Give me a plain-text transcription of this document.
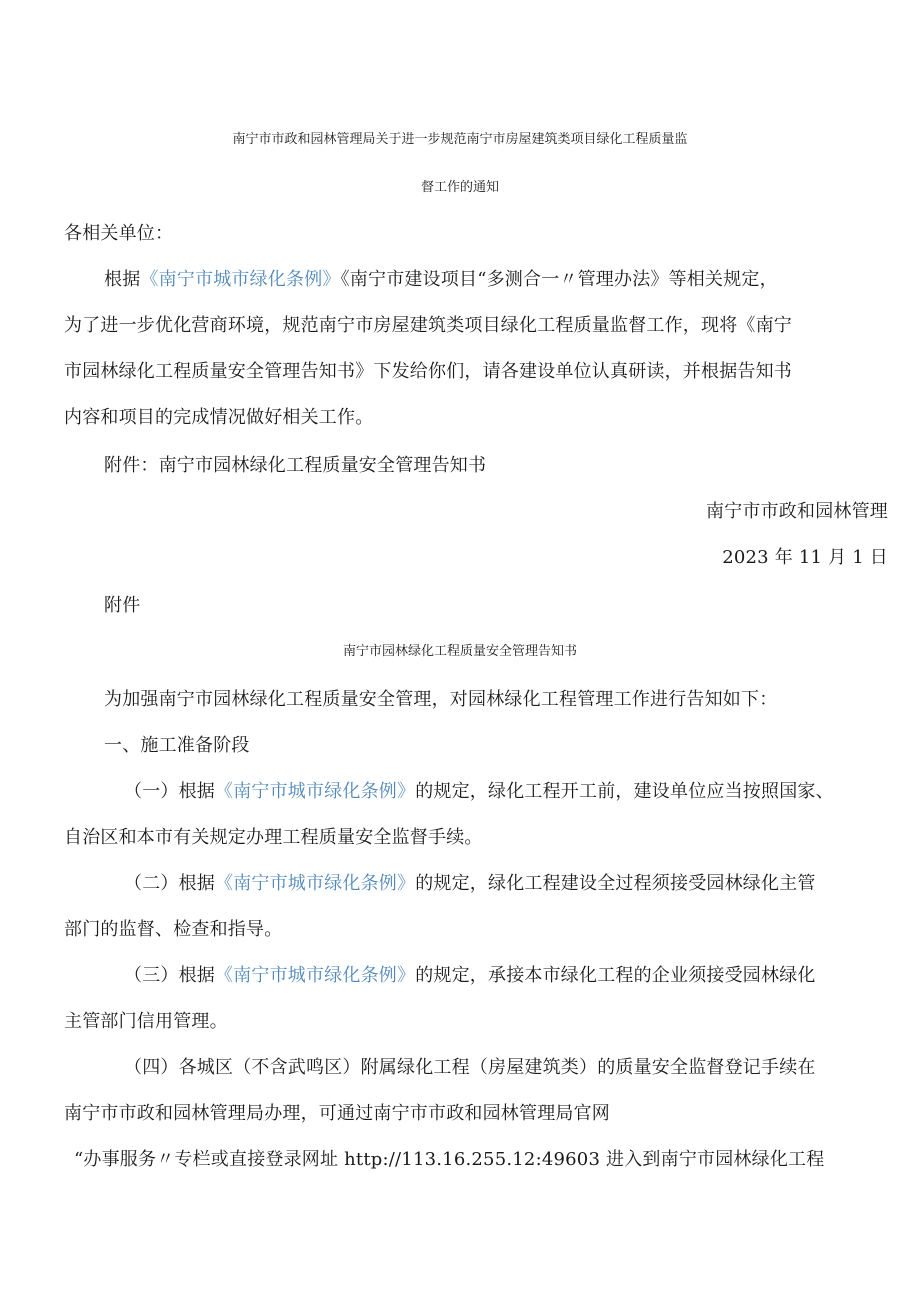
南宁市市政和园林管理局关于进一步规范南宁市房屋建筑类项目绿化工程质量监
督工作的通知
各相关单位：
根据《南宁市城市绿化条例》《南宁市建设项目“多测合一〃管理办法》等相关规定，
为了进一步优化营商环境，规范南宁市房屋建筑类项目绿化工程质量监督工作，现将《南宁
市园林绿化工程质量安全管理告知书》下发给你们，请各建设单位认真研读，并根据告知书
内容和项目的完成情况做好相关工作。
附件：南宁市园林绿化工程质量安全管理告知书
南宁市市政和园林管理
2023 年 11 月 1 日
附件
南宁市园林绿化工程质量安全管理告知书
为加强南宁市园林绿化工程质量安全管理，对园林绿化工程管理工作进行告知如下：
一、施工准备阶段
（一）根据《南宁市城市绿化条例》的规定，绿化工程开工前，建设单位应当按照国家、
自治区和本市有关规定办理工程质量安全监督手续。
（二）根据《南宁市城市绿化条例》的规定，绿化工程建设全过程须接受园林绿化主管
部门的监督、检查和指导。
（三）根据《南宁市城市绿化条例》的规定，承接本市绿化工程的企业须接受园林绿化
主管部门信用管理。
（四）各城区（不含武鸣区）附属绿化工程（房屋建筑类）的质量安全监督登记手续在
南宁市市政和园林管理局办理，可通过南宁市市政和园林管理局官网
“办事服务〃专栏或直接登录网址 http://113.16.255.12:49603 进入到南宁市园林绿化工程
